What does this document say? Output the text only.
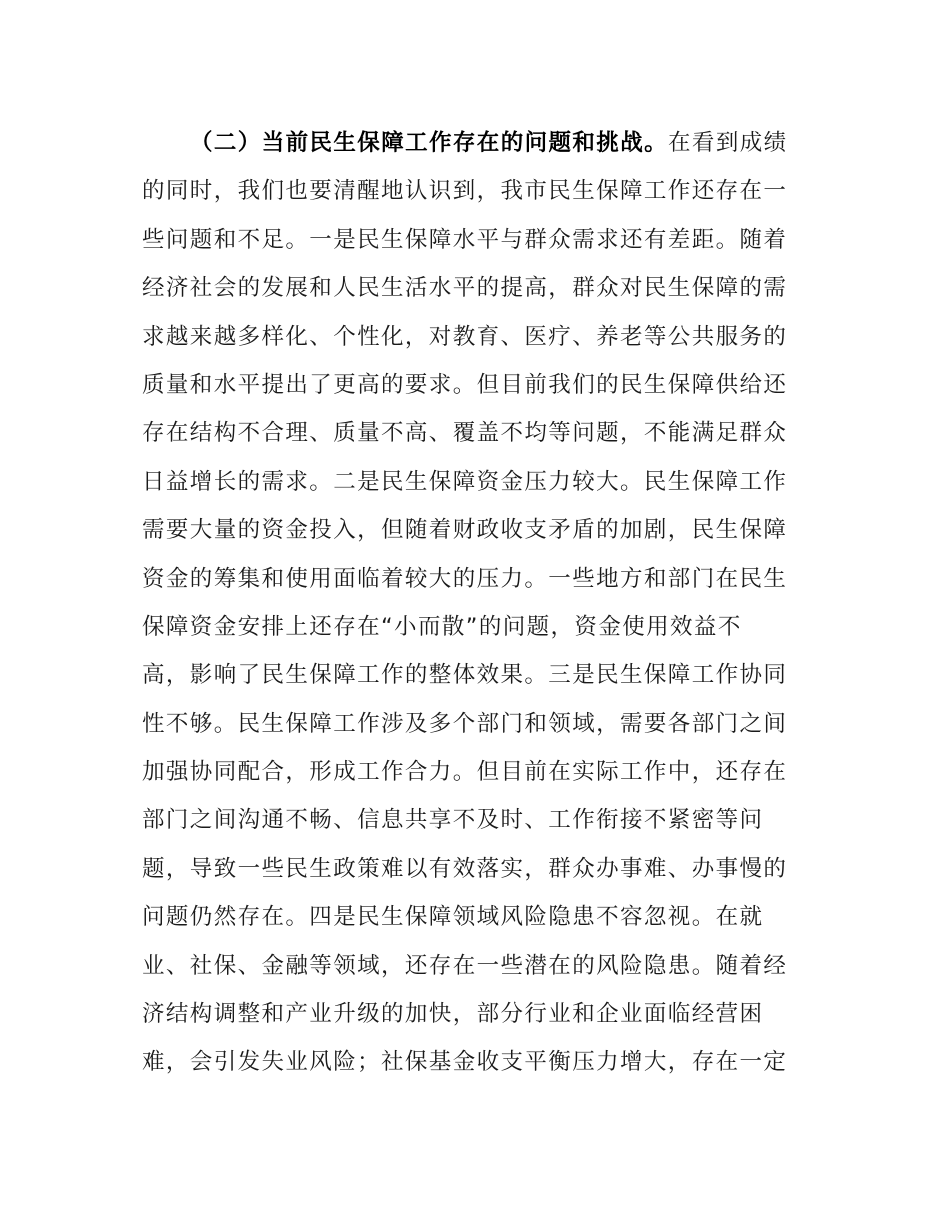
（二）当前民生保障工作存在的问题和挑战。在看到成绩
的同时，我们也要清醒地认识到，我市民生保障工作还存在一
些问题和不足。一是民生保障水平与群众需求还有差距。随着
经济社会的发展和人民生活水平的提高，群众对民生保障的需
求越来越多样化、个性化，对教育、医疗、养老等公共服务的
质量和水平提出了更高的要求。但目前我们的民生保障供给还
存在结构不合理、质量不高、覆盖不均等问题，不能满足群众
日益增长的需求。二是民生保障资金压力较大。民生保障工作
需要大量的资金投入，但随着财政收支矛盾的加剧，民生保障
资金的筹集和使用面临着较大的压力。一些地方和部门在民生
保障资金安排上还存在“小而散”的问题，资金使用效益不
高，影响了民生保障工作的整体效果。三是民生保障工作协同
性不够。民生保障工作涉及多个部门和领域，需要各部门之间
加强协同配合，形成工作合力。但目前在实际工作中，还存在
部门之间沟通不畅、信息共享不及时、工作衔接不紧密等问
题，导致一些民生政策难以有效落实，群众办事难、办事慢的
问题仍然存在。四是民生保障领域风险隐患不容忽视。在就
业、社保、金融等领域，还存在一些潜在的风险隐患。随着经
济结构调整和产业升级的加快，部分行业和企业面临经营困
难，会引发失业风险；社保基金收支平衡压力增大，存在一定
